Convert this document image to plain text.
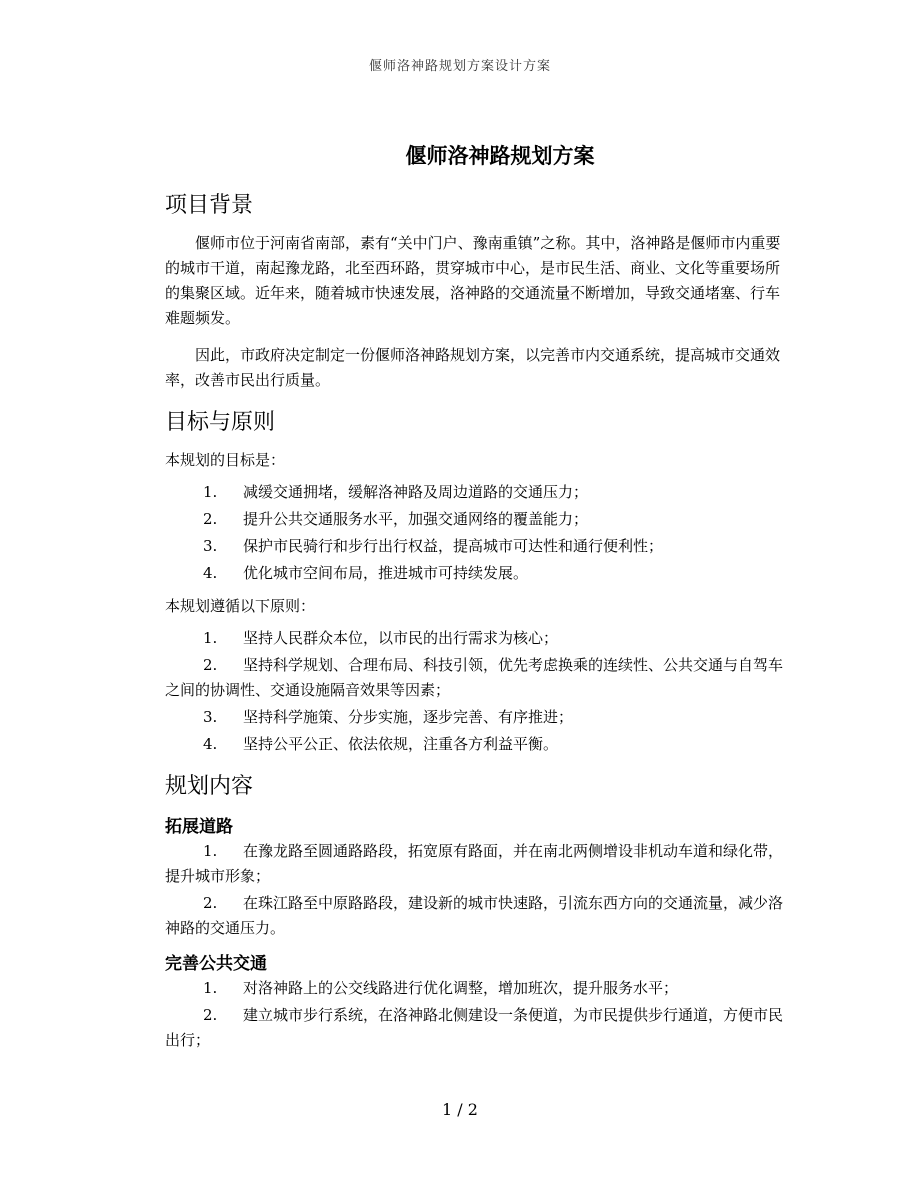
偃师洛神路规划方案设计方案
偃师洛神路规划方案
项目背景

偃师市位于河南省南部，素有“关中门户、豫南重镇”之称。其中，洛神路是偃师市内重要的城市干道，南起豫龙路，北至西环路，贯穿城市中心，是市民生活、商业、文化等重要场所的集聚区域。近年来，随着城市快速发展，洛神路的交通流量不断增加，导致交通堵塞、行车难题频发。

因此，市政府决定制定一份偃师洛神路规划方案，以完善市内交通系统，提高城市交通效率，改善市民出行质量。

目标与原则

本规划的目标是：

1. 减缓交通拥堵，缓解洛神路及周边道路的交通压力；
2. 提升公共交通服务水平，加强交通网络的覆盖能力；
3. 保护市民骑行和步行出行权益，提高城市可达性和通行便利性；
4. 优化城市空间布局，推进城市可持续发展。

本规划遵循以下原则：

1. 坚持人民群众本位，以市民的出行需求为核心；
2. 坚持科学规划、合理布局、科技引领，优先考虑换乘的连续性、公共交通与自驾车之间的协调性、交通设施隔音效果等因素；
3. 坚持科学施策、分步实施，逐步完善、有序推进；
4. 坚持公平公正、依法依规，注重各方利益平衡。
规划内容
拓展道路
1. 在豫龙路至圆通路路段，拓宽原有路面，并在南北两侧增设非机动车道和绿化带，提升城市形象；
2. 在珠江路至中原路路段，建设新的城市快速路，引流东西方向的交通流量，减少洛神路的交通压力。
完善公共交通
1. 对洛神路上的公交线路进行优化调整，增加班次，提升服务水平；
2. 建立城市步行系统，在洛神路北侧建设一条便道，为市民提供步行通道，方便市民出行；
1 / 2
